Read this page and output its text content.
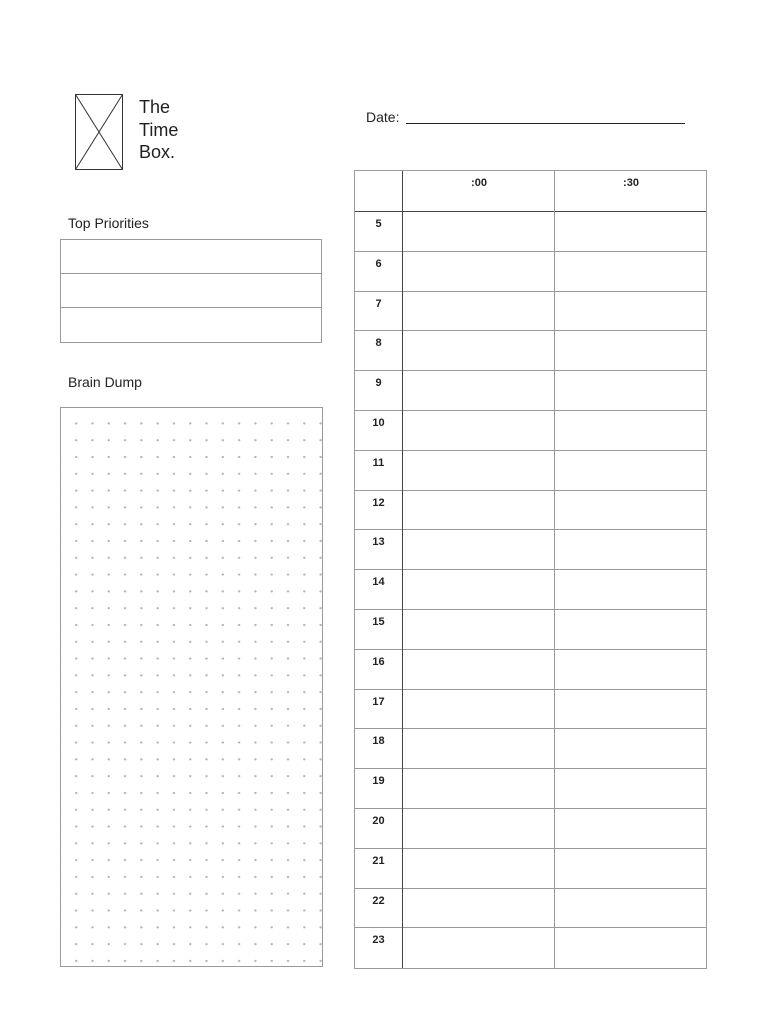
The
Time
Box.
Date:
Top Priorities
Brain Dump
:00	:30
5
6
7
8
9
10
11
12
13
14
15
16
17
18
19
20
21
22
23
